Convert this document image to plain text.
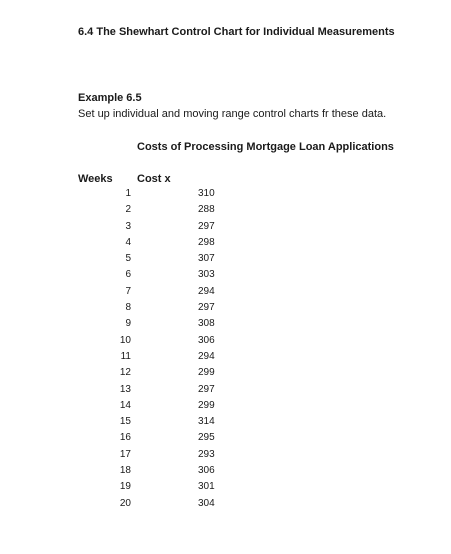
6.4 The Shewhart Control Chart for Individual Measurements
Example 6.5
Set up individual and moving range control charts fr these data.
Costs of Processing Mortgage Loan Applications
Weeks Cost x
1	310
2	288
3	297
4	298
5	307
6	303
7	294
8	297
9	308
10	306
11	294
12	299
13	297
14	299
15	314
16	295
17	293
18	306
19	301
20	304
